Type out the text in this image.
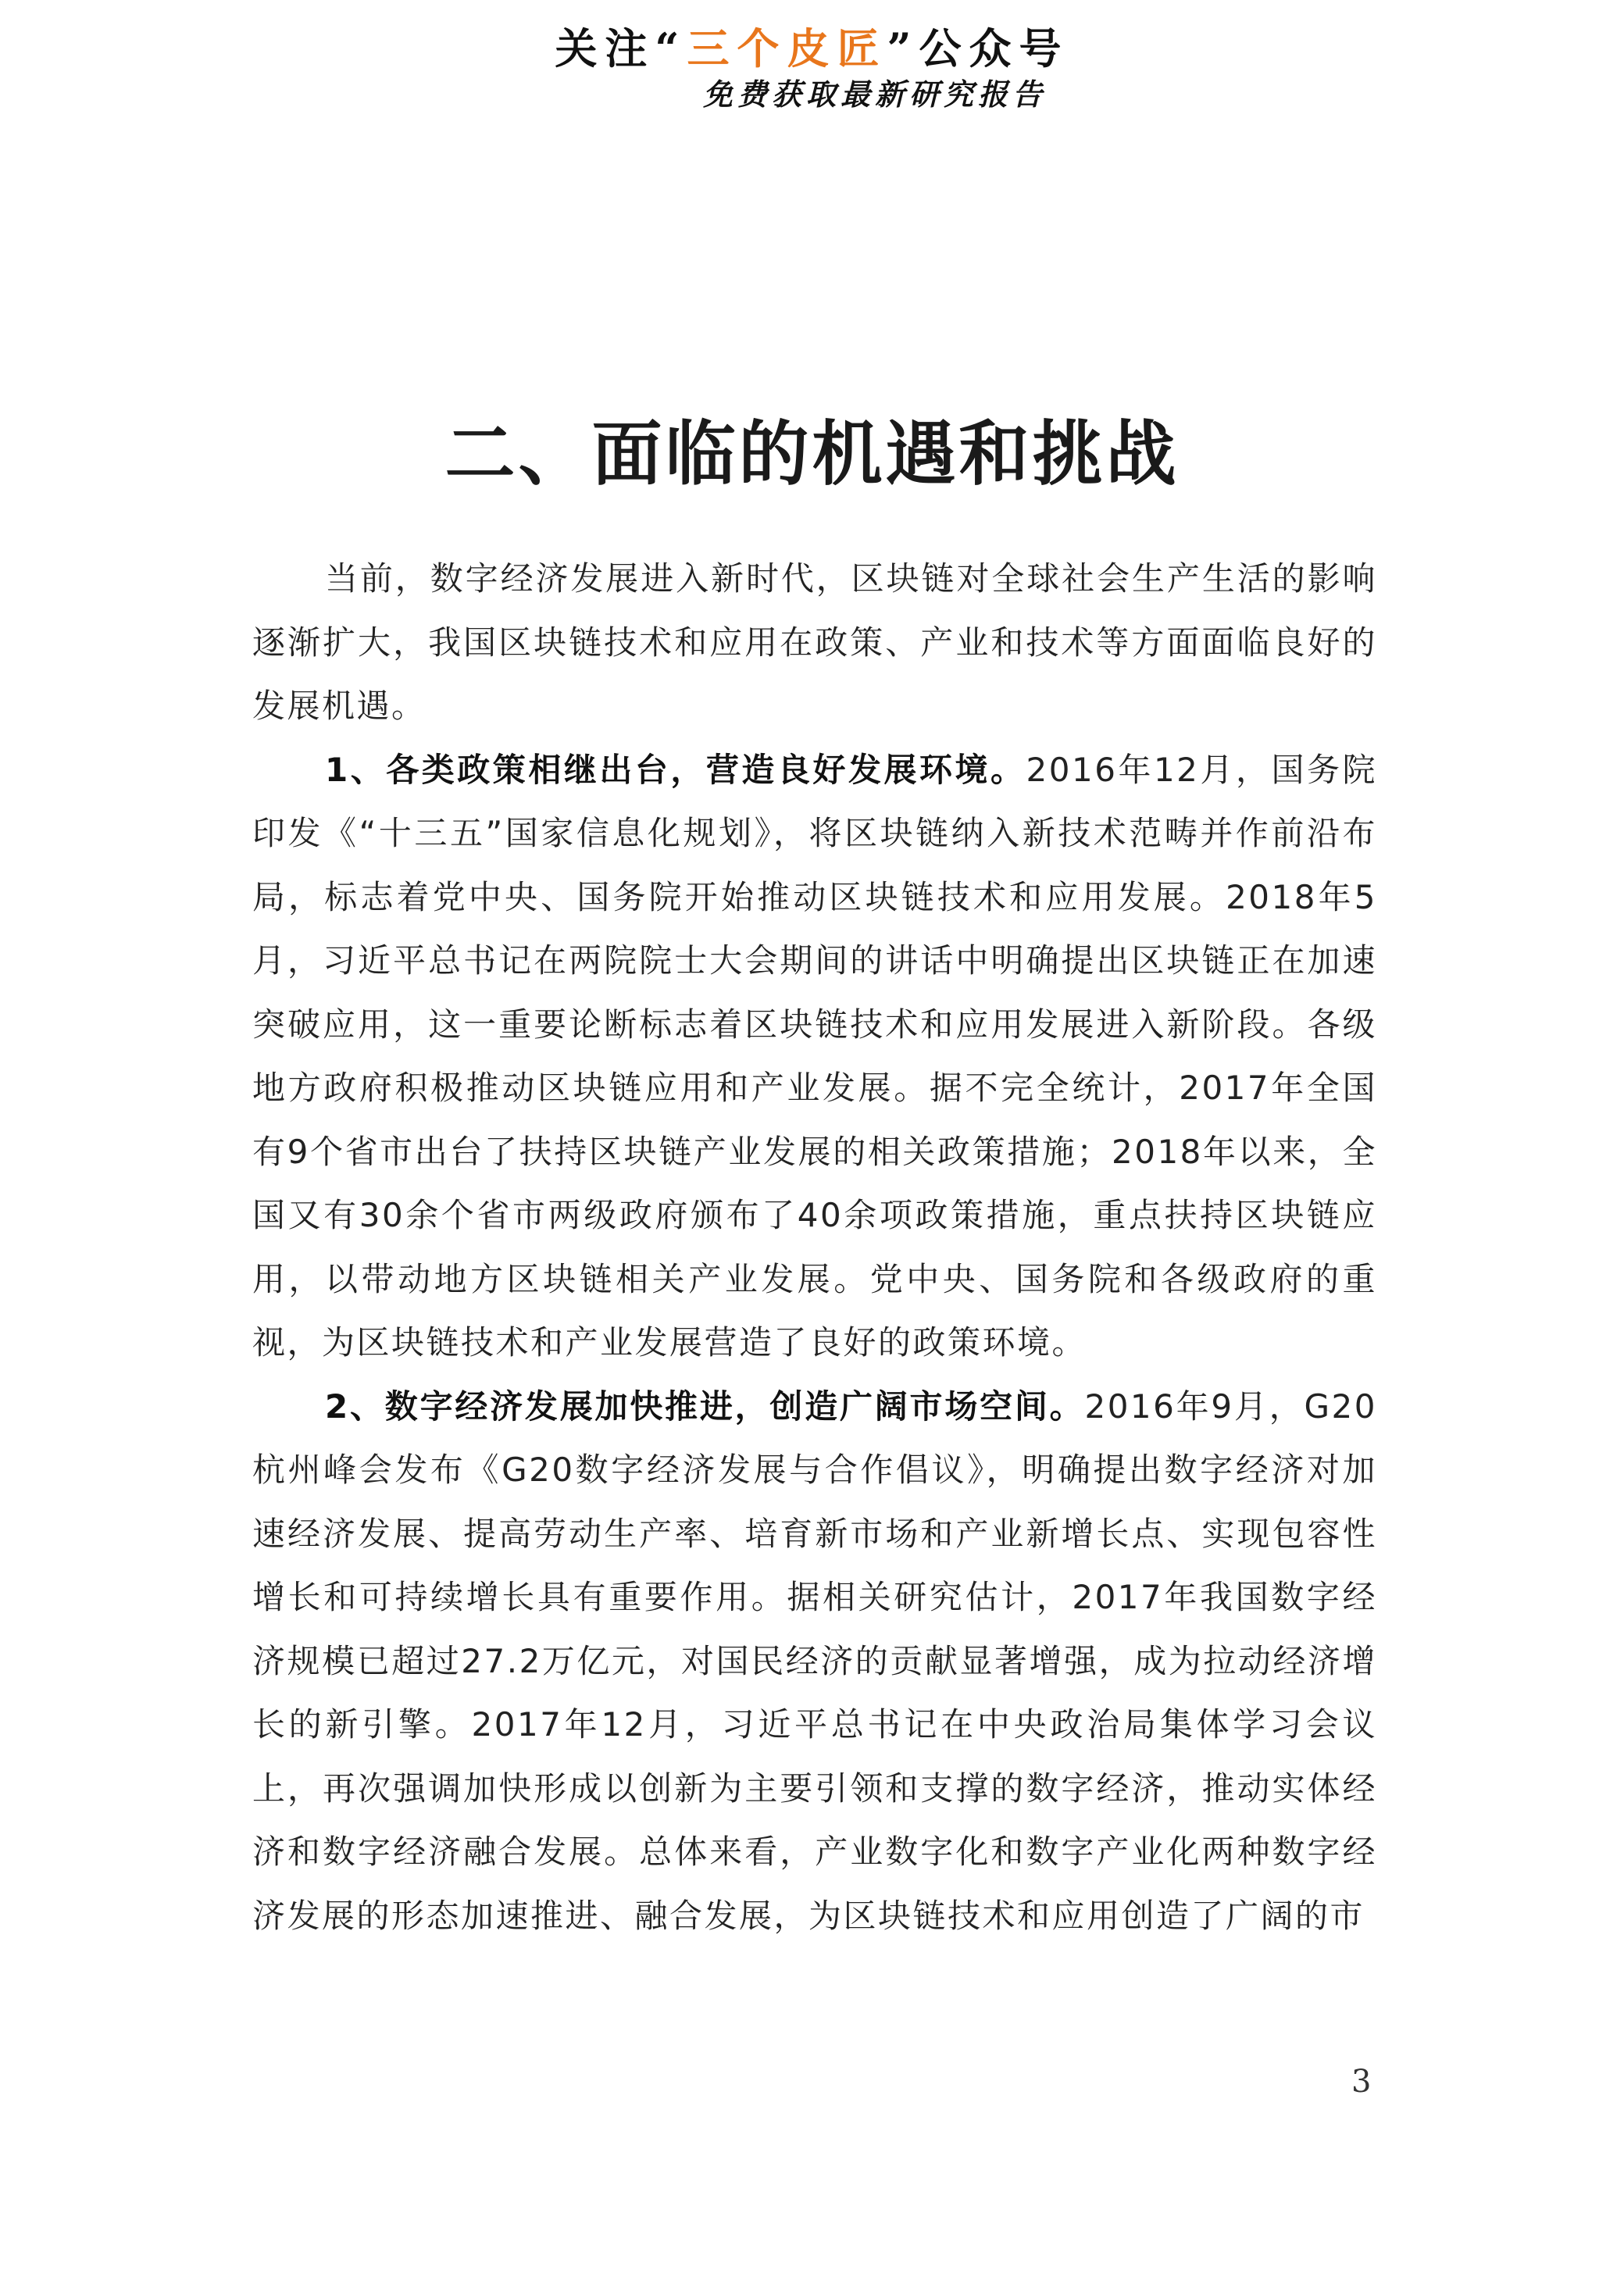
关注“三个皮匠”公众号
免费获取最新研究报告
二、面临的机遇和挑战

当前，数字经济发展进入新时代，区块链对全球社会生产生活的影响逐渐扩大，我国区块链技术和应用在政策、产业和技术等方面面临良好的发展机遇。

1、各类政策相继出台，营造良好发展环境。2016年12月，国务院印发《“十三五”国家信息化规划》，将区块链纳入新技术范畴并作前沿布局，标志着党中央、国务院开始推动区块链技术和应用发展。2018年5月，习近平总书记在两院院士大会期间的讲话中明确提出区块链正在加速突破应用，这一重要论断标志着区块链技术和应用发展进入新阶段。各级地方政府积极推动区块链应用和产业发展。据不完全统计，2017年全国有9个省市出台了扶持区块链产业发展的相关政策措施；2018年以来，全国又有30余个省市两级政府颁布了40余项政策措施，重点扶持区块链应用，以带动地方区块链相关产业发展。党中央、国务院和各级政府的重视，为区块链技术和产业发展营造了良好的政策环境。

2、数字经济发展加快推进，创造广阔市场空间。2016年9月，G20杭州峰会发布《G20数字经济发展与合作倡议》，明确提出数字经济对加速经济发展、提高劳动生产率、培育新市场和产业新增长点、实现包容性增长和可持续增长具有重要作用。据相关研究估计，2017年我国数字经济规模已超过27.2万亿元，对国民经济的贡献显著增强，成为拉动经济增长的新引擎。2017年12月，习近平总书记在中央政治局集体学习会议上，再次强调加快形成以创新为主要引领和支撑的数字经济，推动实体经济和数字经济融合发展。总体来看，产业数字化和数字产业化两种数字经济发展的形态加速推进、融合发展，为区块链技术和应用创造了广阔的市

3
